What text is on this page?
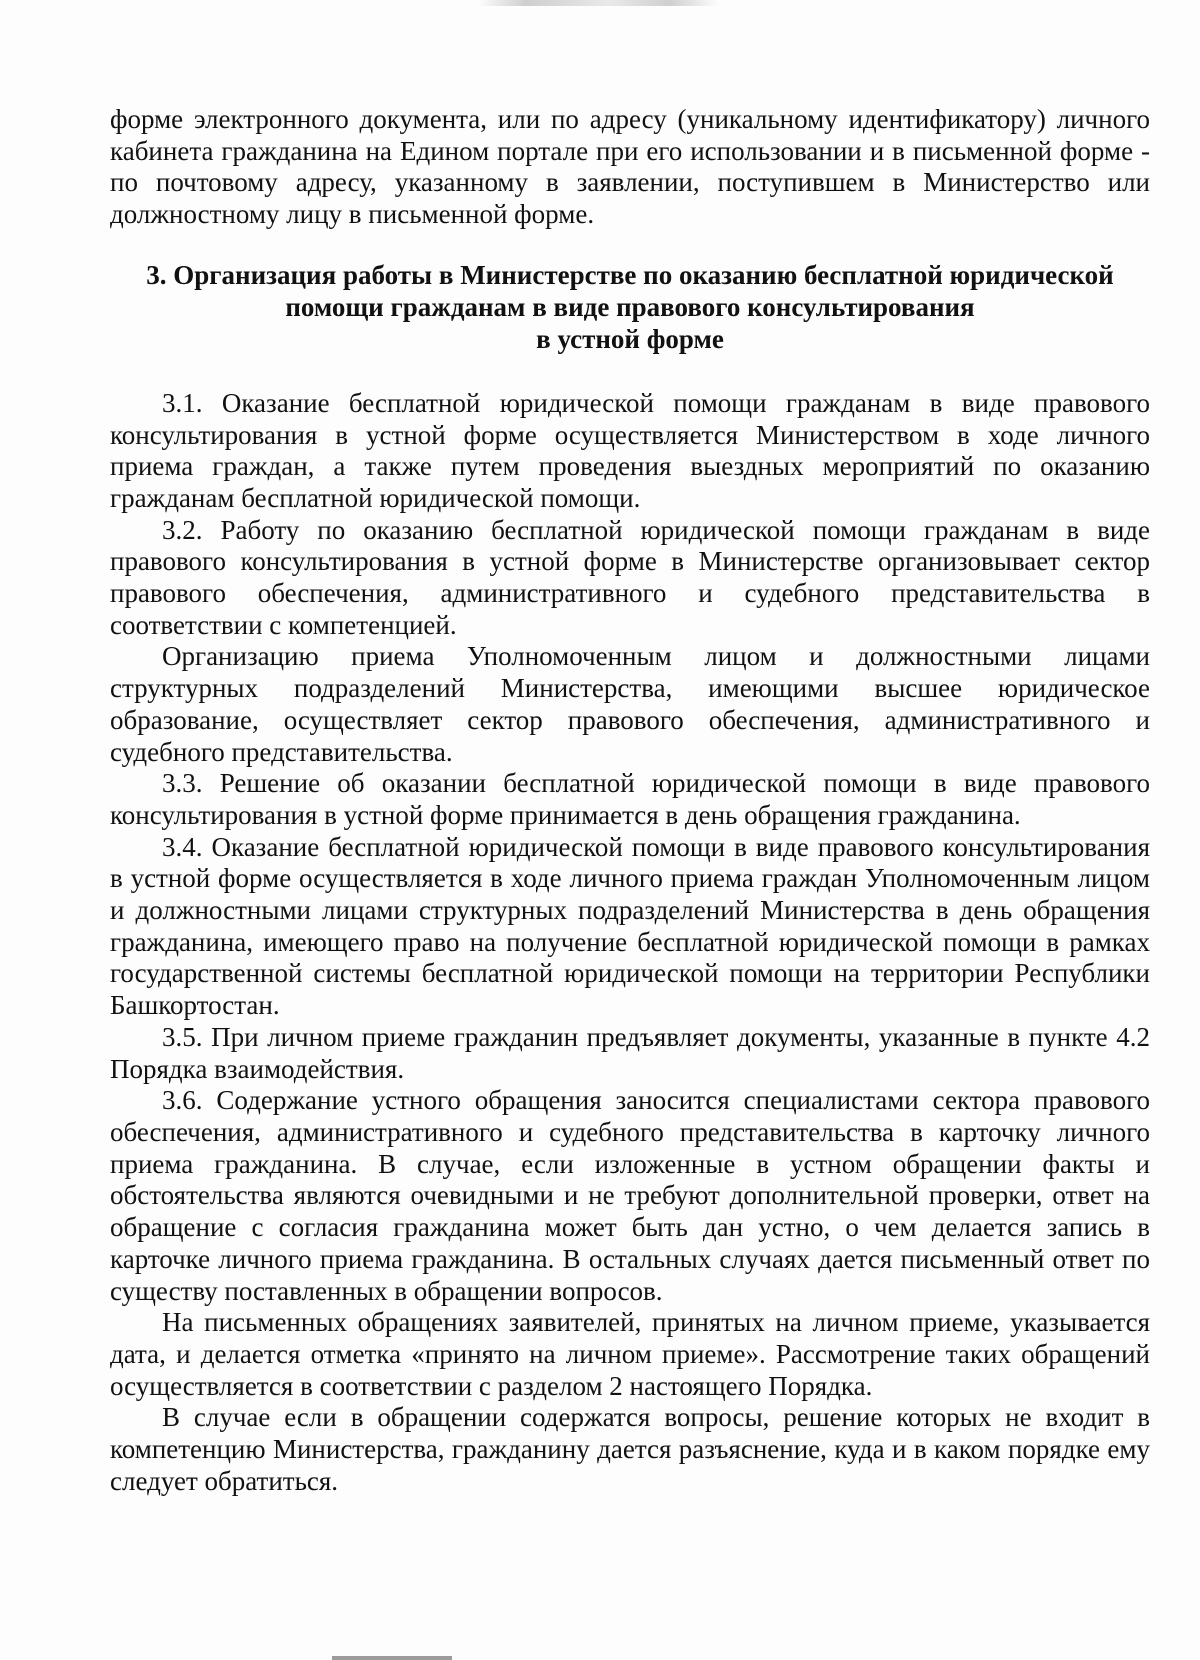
форме электронного документа, или по адресу (уникальному идентификатору) личного кабинета гражданина на Едином портале при его использовании и в письменной форме - по почтовому адресу, указанному в заявлении, поступившем в Министерство или должностному лицу в письменной форме.

3. Организация работы в Министерстве по оказанию бесплатной юридической
помощи гражданам в виде правового консультирования
в устной форме

3.1. Оказание бесплатной юридической помощи гражданам в виде правового консультирования в устной форме осуществляется Министерством в ходе личного приема граждан, а также путем проведения выездных мероприятий по оказанию гражданам бесплатной юридической помощи.

3.2. Работу по оказанию бесплатной юридической помощи гражданам в виде правового консультирования в устной форме в Министерстве организовывает сектор правового обеспечения, административного и судебного представительства в соответствии с компетенцией.

Организацию приема Уполномоченным лицом и должностными лицами структурных подразделений Министерства, имеющими высшее юридическое образование, осуществляет сектор правового обеспечения, административного и судебного представительства.

3.3. Решение об оказании бесплатной юридической помощи в виде правового консультирования в устной форме принимается в день обращения гражданина.

3.4. Оказание бесплатной юридической помощи в виде правового консультирования в устной форме осуществляется в ходе личного приема граждан Уполномоченным лицом и должностными лицами структурных подразделений Министерства в день обращения гражданина, имеющего право на получение бесплатной юридической помощи в рамках государственной системы бесплатной юридической помощи на территории Республики Башкортостан.

3.5. При личном приеме гражданин предъявляет документы, указанные в пункте 4.2 Порядка взаимодействия.

3.6. Содержание устного обращения заносится специалистами сектора правового обеспечения, административного и судебного представительства в карточку личного приема гражданина. В случае, если изложенные в устном обращении факты и обстоятельства являются очевидными и не требуют дополнительной проверки, ответ на обращение с согласия гражданина может быть дан устно, о чем делается запись в карточке личного приема гражданина. В остальных случаях дается письменный ответ по существу поставленных в обращении вопросов.

На письменных обращениях заявителей, принятых на личном приеме, указывается дата, и делается отметка «принято на личном приеме». Рассмотрение таких обращений осуществляется в соответствии с разделом 2 настоящего Порядка.

В случае если в обращении содержатся вопросы, решение которых не входит в компетенцию Министерства, гражданину дается разъяснение, куда и в каком порядке ему следует обратиться.
